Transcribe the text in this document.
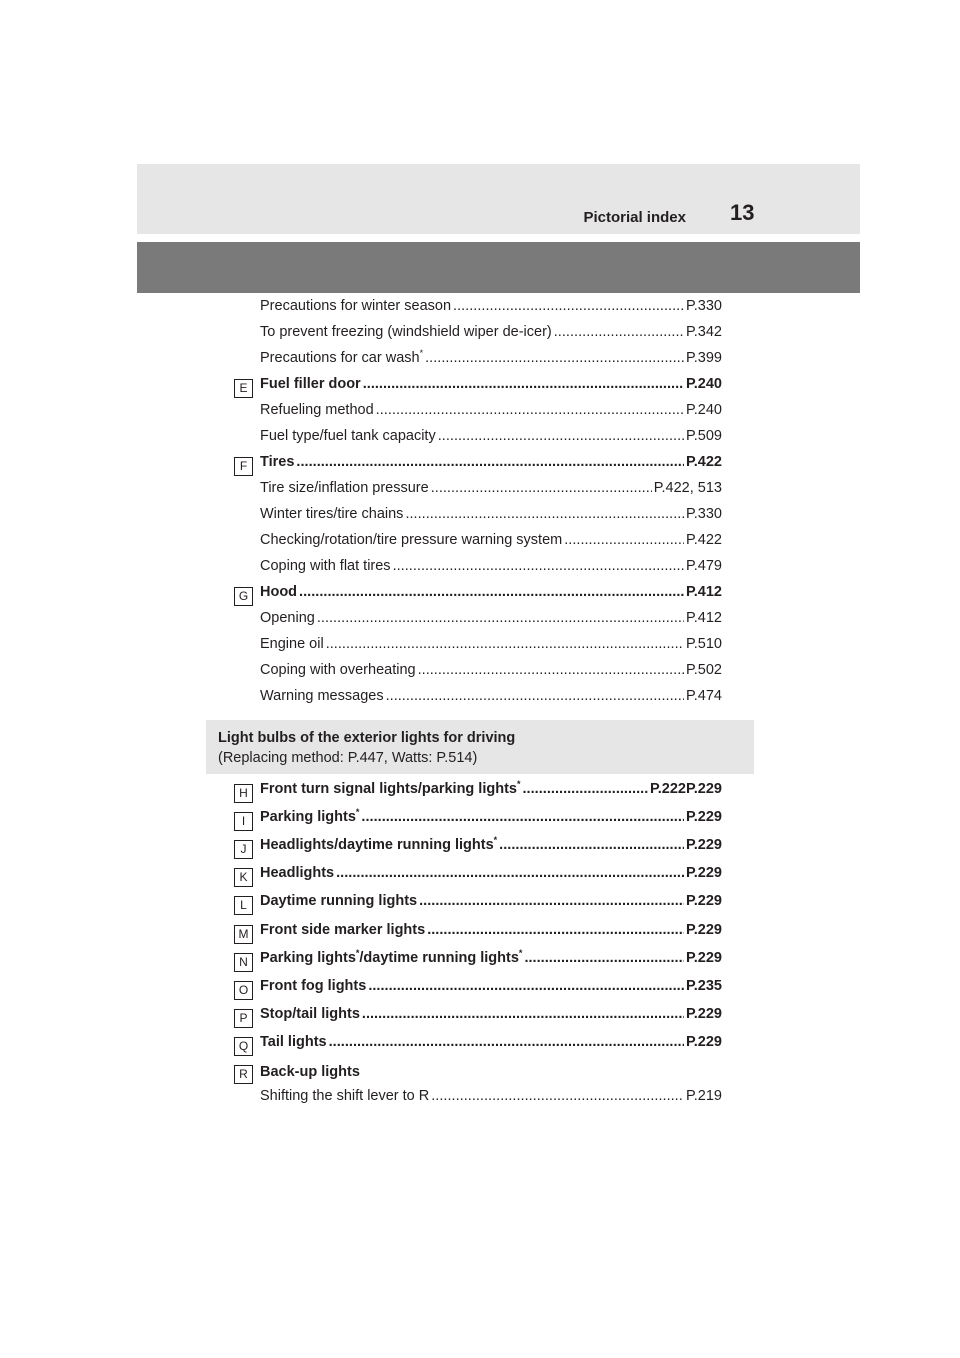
Pictorial index 13
Precautions for winter season . . .	P.330
To prevent freezing (windshield wiper de-icer) . . .	P.342
Precautions for car wash* . . .	P.399
E Fuel filler door . . .	P.240
Refueling method . . .	P.240
Fuel type/fuel tank capacity . . .	P.509
F Tires . . .	P.422
Tire size/inflation pressure . . .	P.422, 513
Winter tires/tire chains . . .	P.330
Checking/rotation/tire pressure warning system . . .	P.422
Coping with flat tires . . .	P.479
G Hood . . .	P.412
Opening . . .	P.412
Engine oil . . .	P.510
Coping with overheating . . .	P.502
Warning messages . . .	P.474
H Front turn signal lights/parking lights* . . .	P.222P.229
I	Parking lights* . . .	P.229
J Headlights/daytime running lights* . . .	P.229
K Headlights . . .	P.229
L Daytime running lights . . .	P.229
M Front side marker lights . . .	P.229
N Parking lights*/daytime running lights* . . .	P.229
O Front fog lights . . .	P.235
P Stop/tail lights . . .	P.229
Q Tail lights . . .	P.229
R Back-up lights
Shifting the shift lever to R . . .	P.219
Light bulbs of the exterior lights for driving
(Replacing method: P.447, Watts: P.514)
